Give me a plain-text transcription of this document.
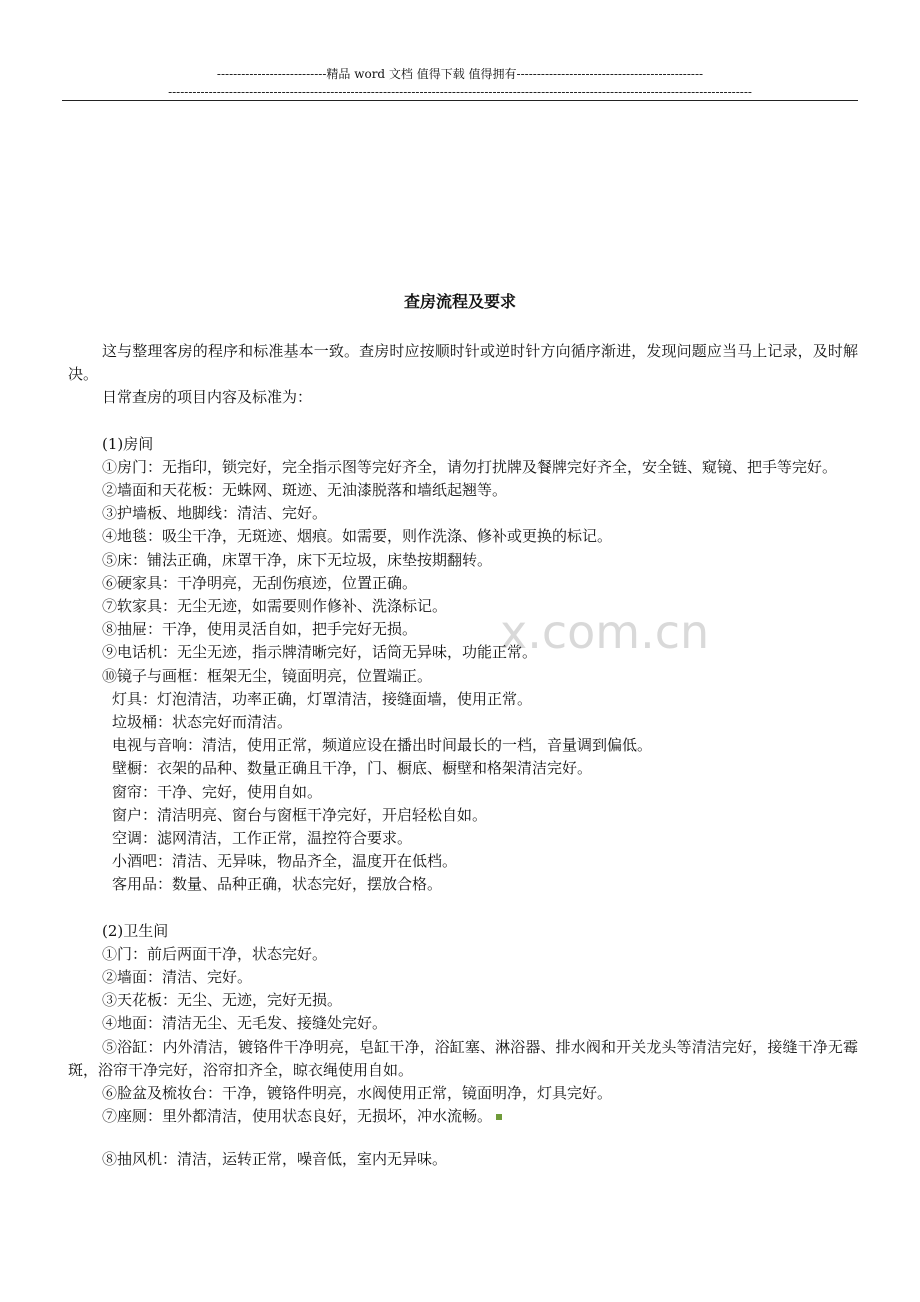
---------------------------精品 word 文档 值得下载 值得拥有----------------------------------------------
------------------------------------------------------------------------------------------------------------------------------------------------
x.com.cn
查房流程及要求

这与整理客房的程序和标准基本一致。查房时应按顺时针或逆时针方向循序渐进，发现问题应当马上记录，及时解决。

日常查房的项目内容及标准为：

(1)房间

①房门：无指印，锁完好，完全指示图等完好齐全，请勿打扰牌及餐牌完好齐全，安全链、窥镜、把手等完好。

②墙面和天花板：无蛛网、斑迹、无油漆脱落和墙纸起翘等。

③护墙板、地脚线：清洁、完好。

④地毯：吸尘干净，无斑迹、烟痕。如需要，则作洗涤、修补或更换的标记。

⑤床：铺法正确，床罩干净，床下无垃圾，床垫按期翻转。

⑥硬家具：干净明亮，无刮伤痕迹，位置正确。

⑦软家具：无尘无迹，如需要则作修补、洗涤标记。

⑧抽屉：干净，使用灵活自如，把手完好无损。

⑨电话机：无尘无迹，指示牌清晰完好，话筒无异味，功能正常。

⑩镜子与画框：框架无尘，镜面明亮，位置端正。

灯具：灯泡清洁，功率正确，灯罩清洁，接缝面墙，使用正常。

垃圾桶：状态完好而清洁。

电视与音响：清洁，使用正常，频道应设在播出时间最长的一档，音量调到偏低。

壁橱：衣架的品种、数量正确且干净，门、橱底、橱壁和格架清洁完好。

窗帘：干净、完好，使用自如。

窗户：清洁明亮、窗台与窗框干净完好，开启轻松自如。

空调：滤网清洁，工作正常，温控符合要求。

小酒吧：清洁、无异味，物品齐全，温度开在低档。

客用品：数量、品种正确，状态完好，摆放合格。

(2)卫生间

①门：前后两面干净，状态完好。

②墙面：清洁、完好。

③天花板：无尘、无迹，完好无损。

④地面：清洁无尘、无毛发、接缝处完好。

⑤浴缸：内外清洁，镀铬件干净明亮，皂缸干净，浴缸塞、淋浴器、排水阀和开关龙头等清洁完好，接缝干净无霉斑，浴帘干净完好，浴帘扣齐全，晾衣绳使用自如。

⑥脸盆及梳妆台：干净，镀铬件明亮，水阀使用正常，镜面明净，灯具完好。

⑦座厕：里外都清洁，使用状态良好，无损坏，冲水流畅。

⑧抽风机：清洁，运转正常，噪音低，室内无异味。
